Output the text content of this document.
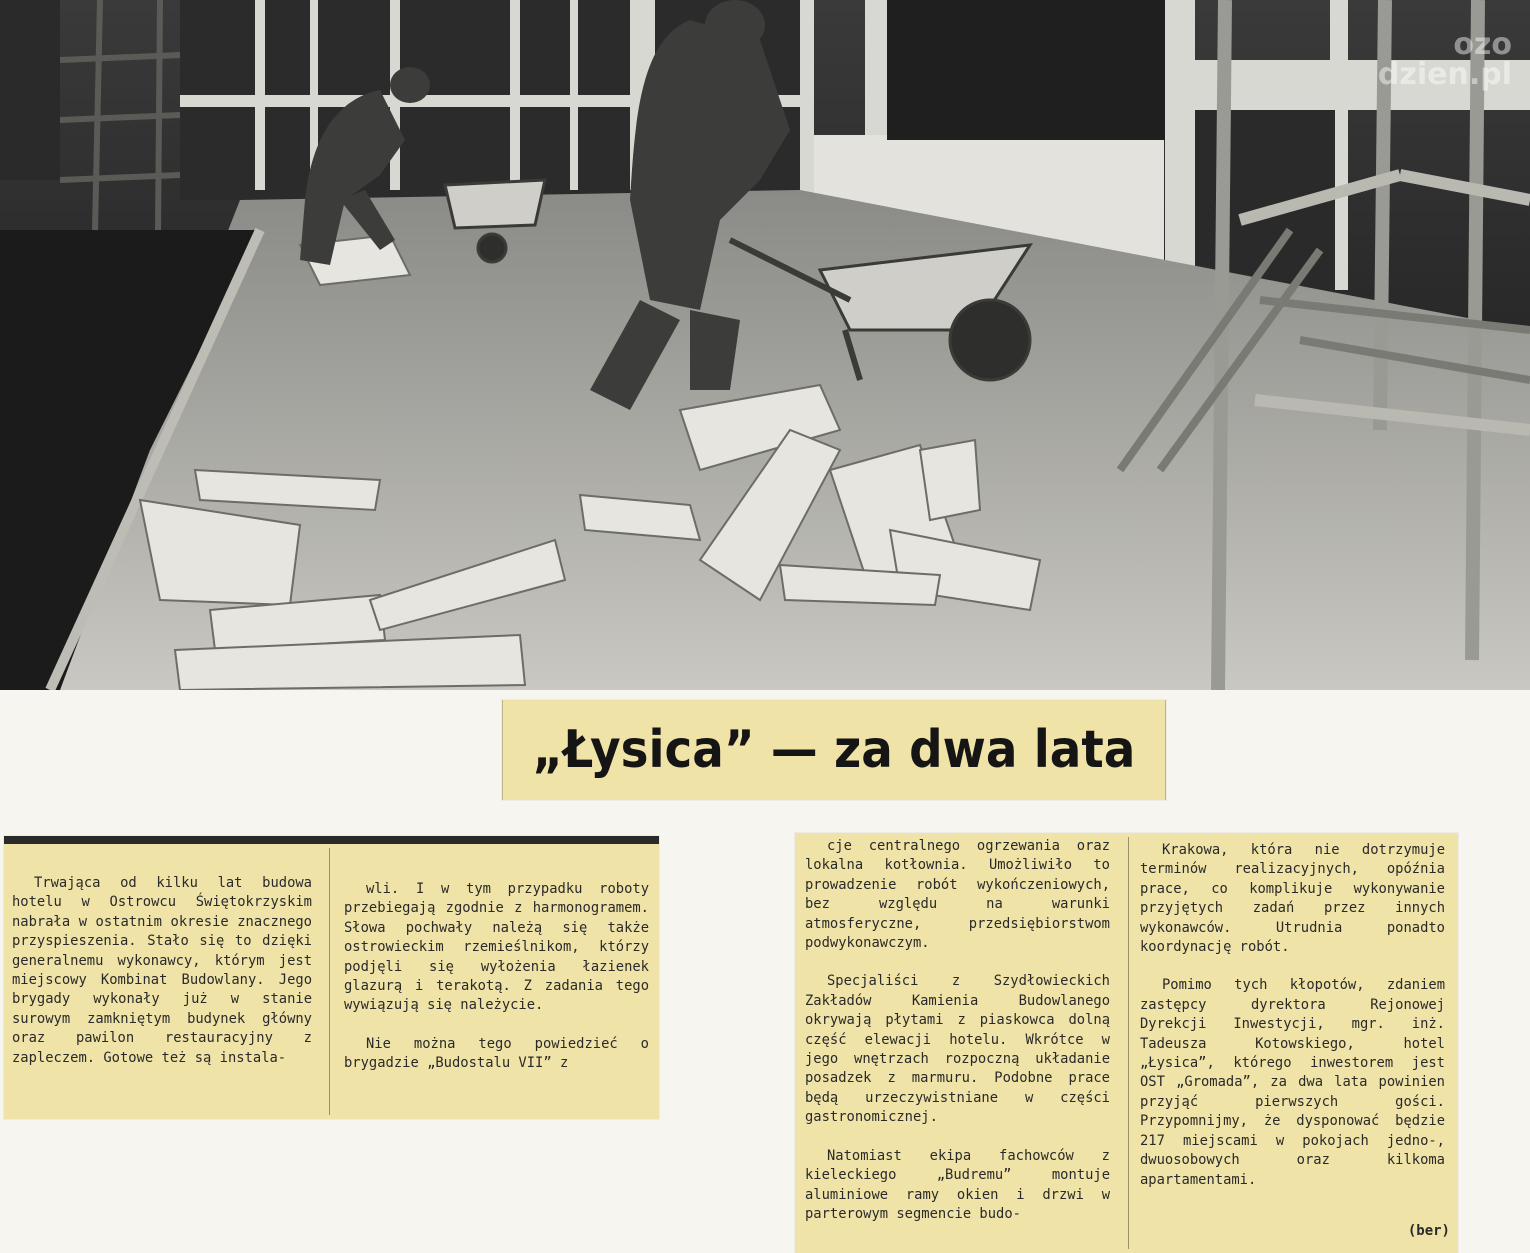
ozo
dzien.pl
„Łysica” — za dwa lata

Trwająca od kilku lat budowa hotelu w Ostrowcu Świętokrzyskim nabrała w ostatnim okresie znacznego przyspieszenia. Stało się to dzięki generalnemu wykonawcy, którym jest miejscowy Kombinat Budowlany. Jego brygady wykonały już w stanie surowym zamkniętym budynek główny oraz pawilon restauracyjny z zapleczem. Gotowe też są instala-

wli. I w tym przypadku roboty przebiegają zgodnie z harmonogramem. Słowa pochwały należą się także ostrowieckim rzemieślnikom, którzy podjęli się wyłożenia łazienek glazurą i terakotą. Z zadania tego wywiązują się należycie.

Nie można tego powiedzieć o brygadzie „Budostalu VII” z

cje centralnego ogrzewania oraz lokalna kotłownia. Umożliwiło to prowadzenie robót wykończeniowych, bez względu na warunki atmosferyczne, przedsiębiorstwom podwykonawczym.

Specjaliści z Szydłowieckich Zakładów Kamienia Budowlanego okrywają płytami z piaskowca dolną część elewacji hotelu. Wkrótce w jego wnętrzach rozpoczną układanie posadzek z marmuru. Podobne prace będą urzeczywistniane w części gastronomicznej.

Natomiast ekipa fachowców z kieleckiego „Budremu” montuje aluminiowe ramy okien i drzwi w parterowym segmencie budo-

Krakowa, która nie dotrzymuje terminów realizacyjnych, opóźnia prace, co komplikuje wykonywanie przyjętych zadań przez innych wykonawców. Utrudnia ponadto koordynację robót.

Pomimo tych kłopotów, zdaniem zastępcy dyrektora Rejonowej Dyrekcji Inwestycji, mgr. inż. Tadeusza Kotowskiego, hotel „Łysica”, którego inwestorem jest OST „Gromada”, za dwa lata powinien przyjąć pierwszych gości. Przypomnijmy, że dysponować będzie 217 miejscami w pokojach jedno-, dwuosobowych oraz kilkoma apartamentami.

(ber)
